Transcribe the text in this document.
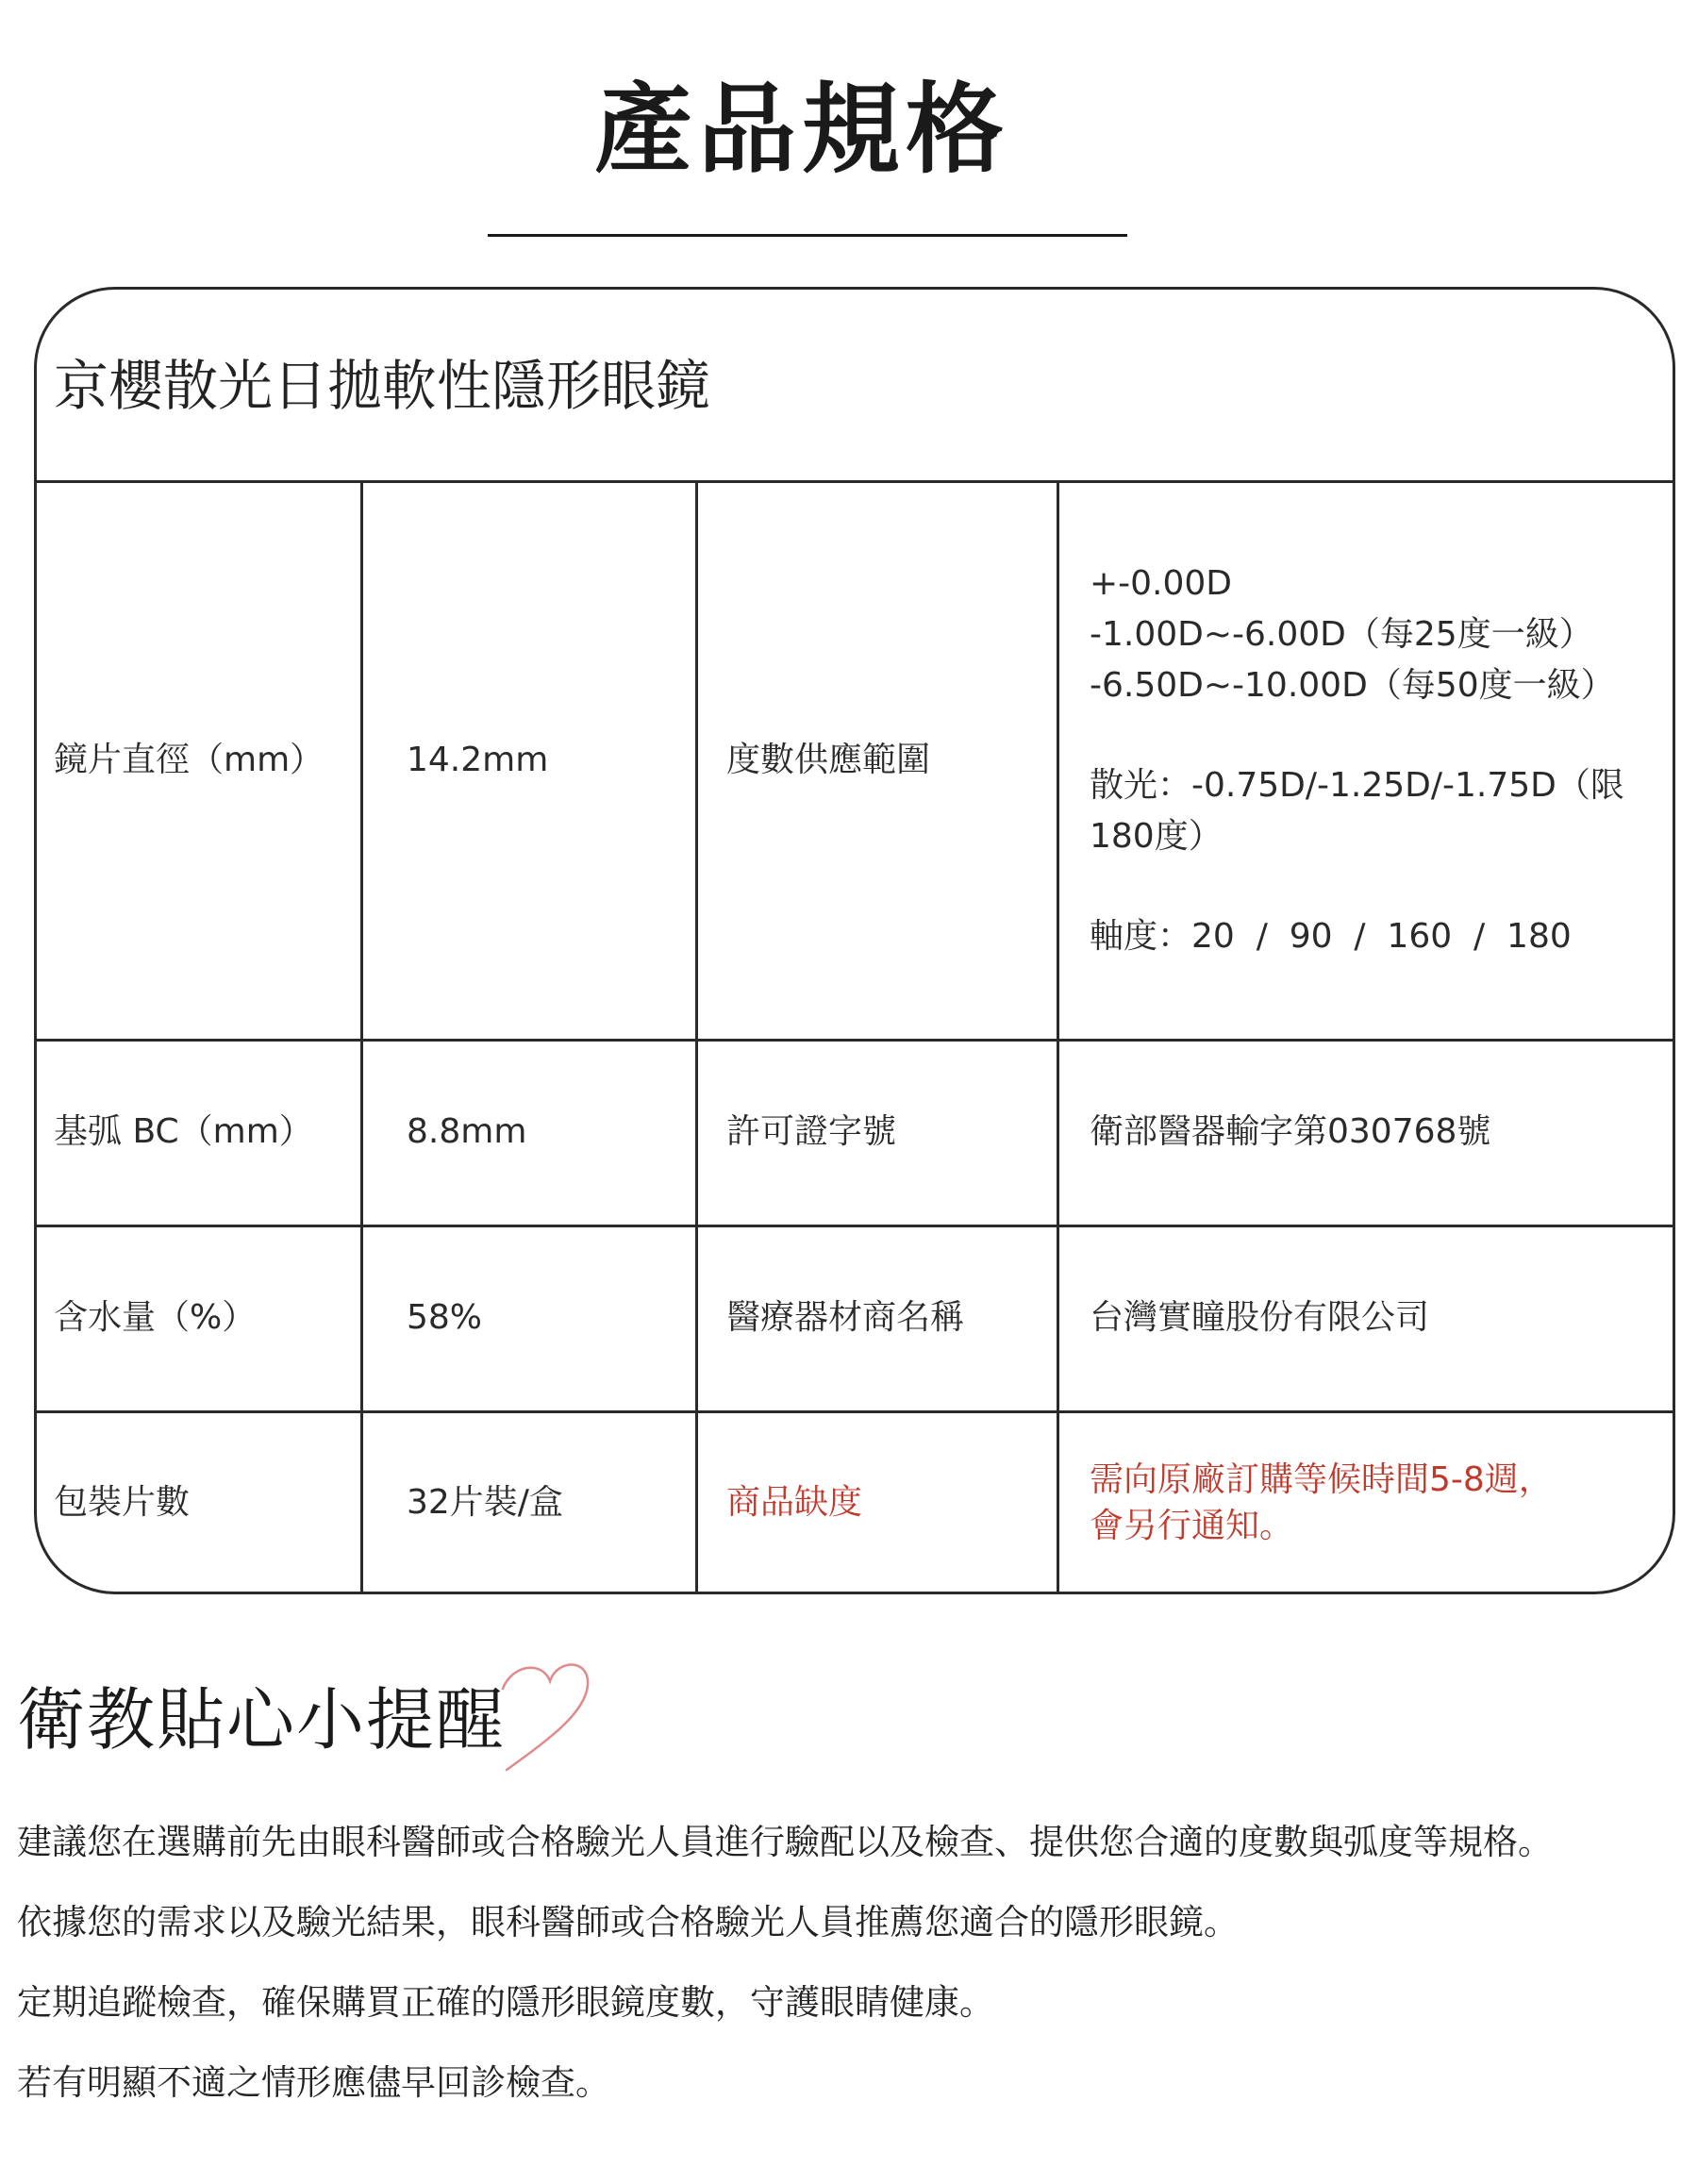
產品規格
京櫻散光日拋軟性隱形眼鏡
鏡片直徑（mm）	14.2mm	度數供應範圍	+-0.00D
-1.00D~-6.00D（每25度一級）
-6.50D~-10.00D（每50度一級）
散光：-0.75D/-1.25D/-1.75D（限180度）
軸度：20  /  90  /  160  /  180

基弧 BC（mm）	8.8mm	許可證字號	衛部醫器輸字第030768號
含水量（%）	58%	醫療器材商名稱	台灣實瞳股份有限公司
包裝片數	32片裝/盒	商品缺度	需向原廠訂購等候時間5-8週，
會另行通知。
衛教貼心小提醒
建議您在選購前先由眼科醫師或合格驗光人員進行驗配以及檢查、提供您合適的度數與弧度等規格。
依據您的需求以及驗光結果，眼科醫師或合格驗光人員推薦您適合的隱形眼鏡。
定期追蹤檢查，確保購買正確的隱形眼鏡度數，守護眼睛健康。
若有明顯不適之情形應儘早回診檢查。
